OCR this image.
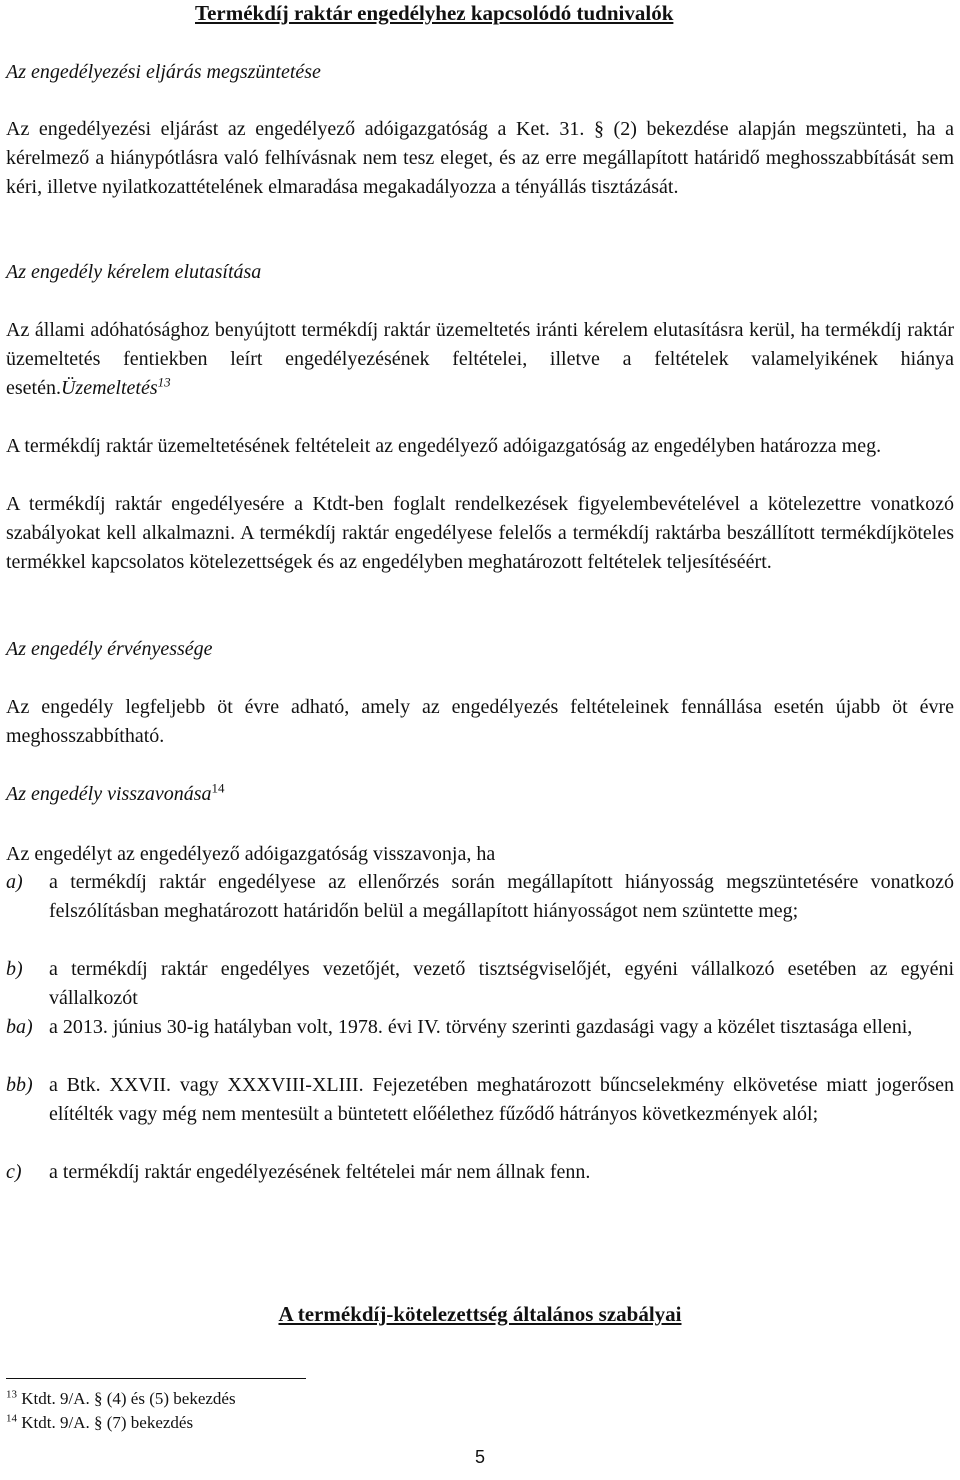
Termékdíj raktár engedélyhez kapcsolódó tudnivalók
Az engedélyezési eljárás megszüntetése
Az engedélyezési eljárást az engedélyező adóigazgatóság a Ket. 31. § (2) bekezdése alapján megszünteti, ha a kérelmező a hiánypótlásra való felhívásnak nem tesz eleget, és az erre megállapított határidő meghosszabbítását sem kéri, illetve nyilatkozattételének elmaradása megakadályozza a tényállás tisztázását.
Az engedély kérelem elutasítása
Az állami adóhatósághoz benyújtott termékdíj raktár üzemeltetés iránti kérelem elutasításra kerül, ha termékdíj raktár üzemeltetés fentiekben leírt engedélyezésének feltételei, illetve a feltételek valamelyikének hiánya esetén.Üzemeltetés$^{13}$
A termékdíj raktár üzemeltetésének feltételeit az engedélyező adóigazgatóság az engedélyben határozza meg.
A termékdíj raktár engedélyesére a Ktdt-ben foglalt rendelkezések figyelembevételével a kötelezettre vonatkozó szabályokat kell alkalmazni. A termékdíj raktár engedélyese felelős a termékdíj raktárba beszállított termékdíjköteles termékkel kapcsolatos kötelezettségek és az engedélyben meghatározott feltételek teljesítéséért.
Az engedély érvényessége
Az engedély legfeljebb öt évre adható, amely az engedélyezés feltételeinek fennállása esetén újabb öt évre meghosszabbítható.
Az engedély visszavonása$^{14}$
Az engedélyt az engedélyező adóigazgatóság visszavonja, ha
a) a termékdíj raktár engedélyese az ellenőrzés során megállapított hiányosság megszüntetésére vonatkozó felszólításban meghatározott határidőn belül a megállapított hiányosságot nem szüntette meg;
b) a termékdíj raktár engedélyes vezetőjét, vezető tisztségviselőjét, egyéni vállalkozó esetében az egyéni vállalkozót
ba) a 2013. június 30-ig hatályban volt, 1978. évi IV. törvény szerinti gazdasági vagy a közélet tisztasága elleni,
bb) a Btk. XXVII. vagy XXXVIII-XLIII. Fejezetében meghatározott bűncselekmény elkövetése miatt jogerősen elítélték vagy még nem mentesült a büntetett előélethez fűződő hátrányos következmények alól;
c) a termékdíj raktár engedélyezésének feltételei már nem állnak fenn.
A termékdíj-kötelezettség általános szabályai
$^{13}$ Ktdt. 9/A. § (4) és (5) bekezdés
$^{14}$ Ktdt. 9/A. § (7) bekezdés
5
